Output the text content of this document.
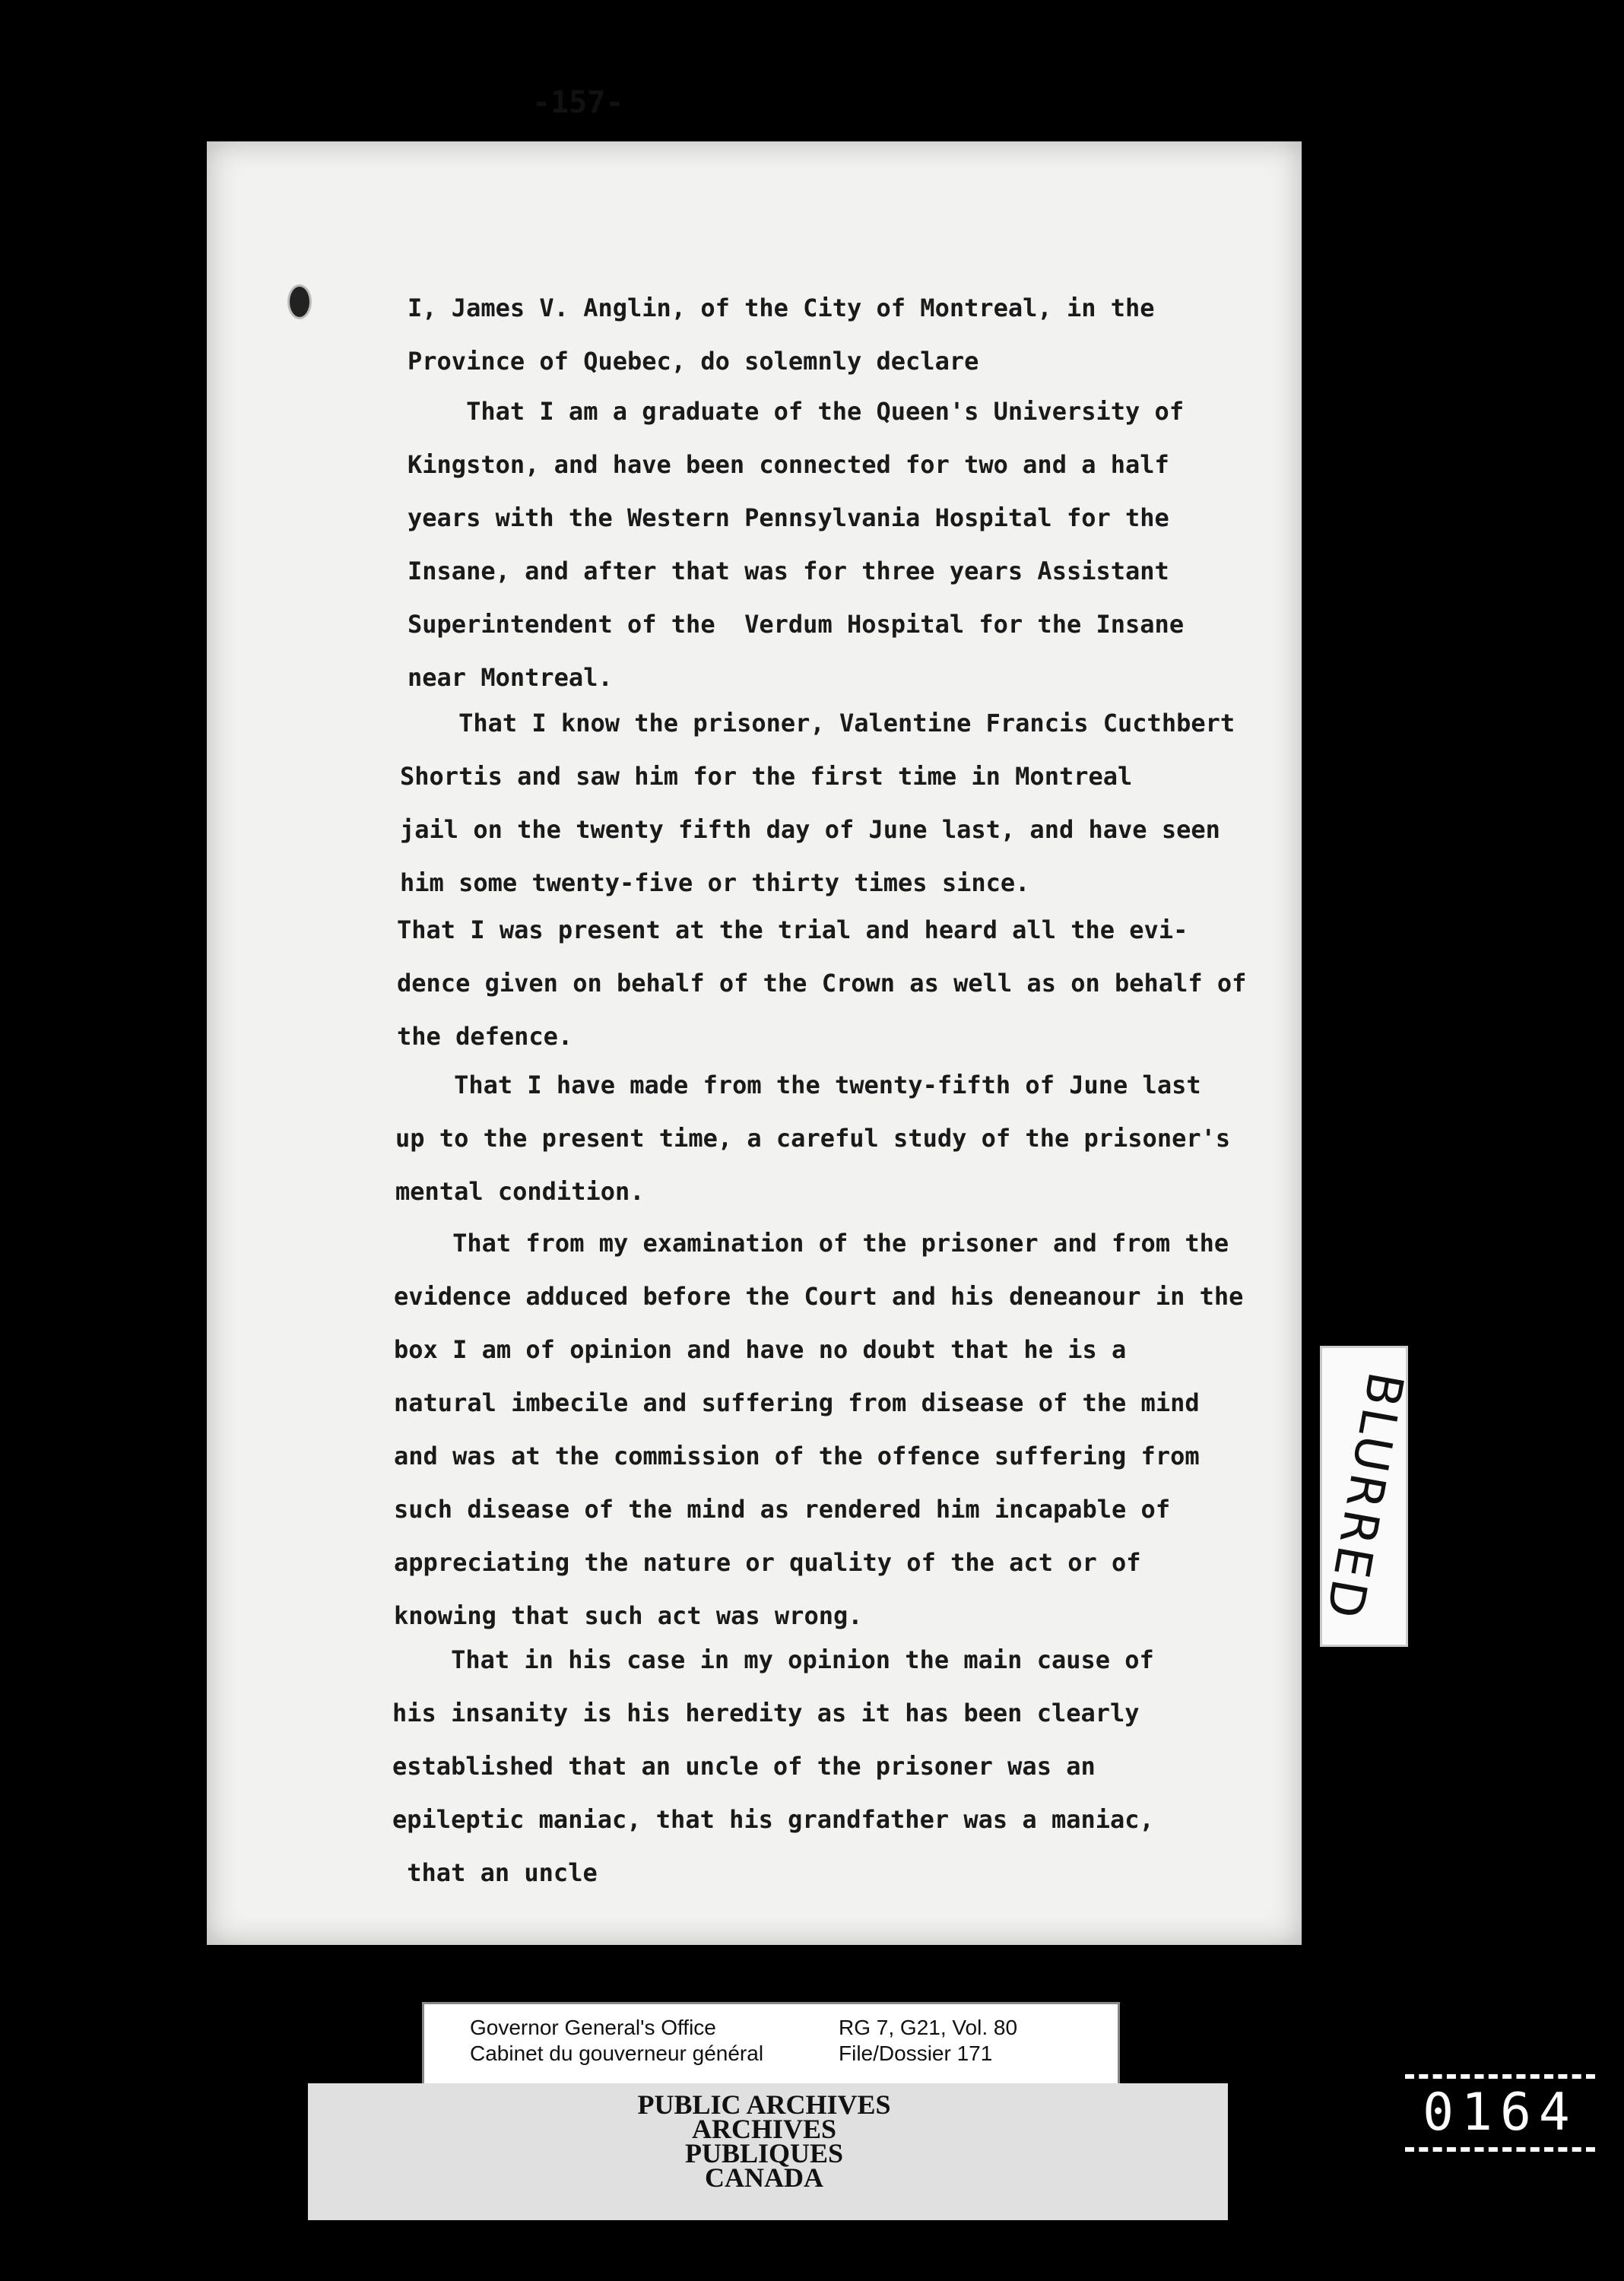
-157-
I, James V. Anglin, of the City of Montreal, in the
Province of Quebec, do solemnly declare
That I am a graduate of the Queen's University of
Kingston, and have been connected for two and a half
years with the Western Pennsylvania Hospital for the
Insane, and after that was for three years Assistant
Superintendent of the  Verdum Hospital for the Insane
near Montreal.
That I know the prisoner, Valentine Francis Cucthbert
Shortis and saw him for the first time in Montreal
jail on the twenty fifth day of June last, and have seen
him some twenty-five or thirty times since.
That I was present at the trial and heard all the evi-
dence given on behalf of the Crown as well as on behalf of
the defence.
That I have made from the twenty-fifth of June last
up to the present time, a careful study of the prisoner's
mental condition.
That from my examination of the prisoner and from the
evidence adduced before the Court and his deneanour in the
box I am of opinion and have no doubt that he is a
natural imbecile and suffering from disease of the mind
and was at the commission of the offence suffering from
such disease of the mind as rendered him incapable of
appreciating the nature or quality of the act or of
knowing that such act was wrong.
That in his case in my opinion the main cause of
his insanity is his heredity as it has been clearly
established that an uncle of the prisoner was an
epileptic maniac, that his grandfather was a maniac,
that an uncle
BLURRED
Governor General's Office
Cabinet du gouverneur général
RG 7, G21, Vol. 80
File/Dossier 171
PUBLIC ARCHIVES
ARCHIVES PUBLIQUES
CANADA
0164
